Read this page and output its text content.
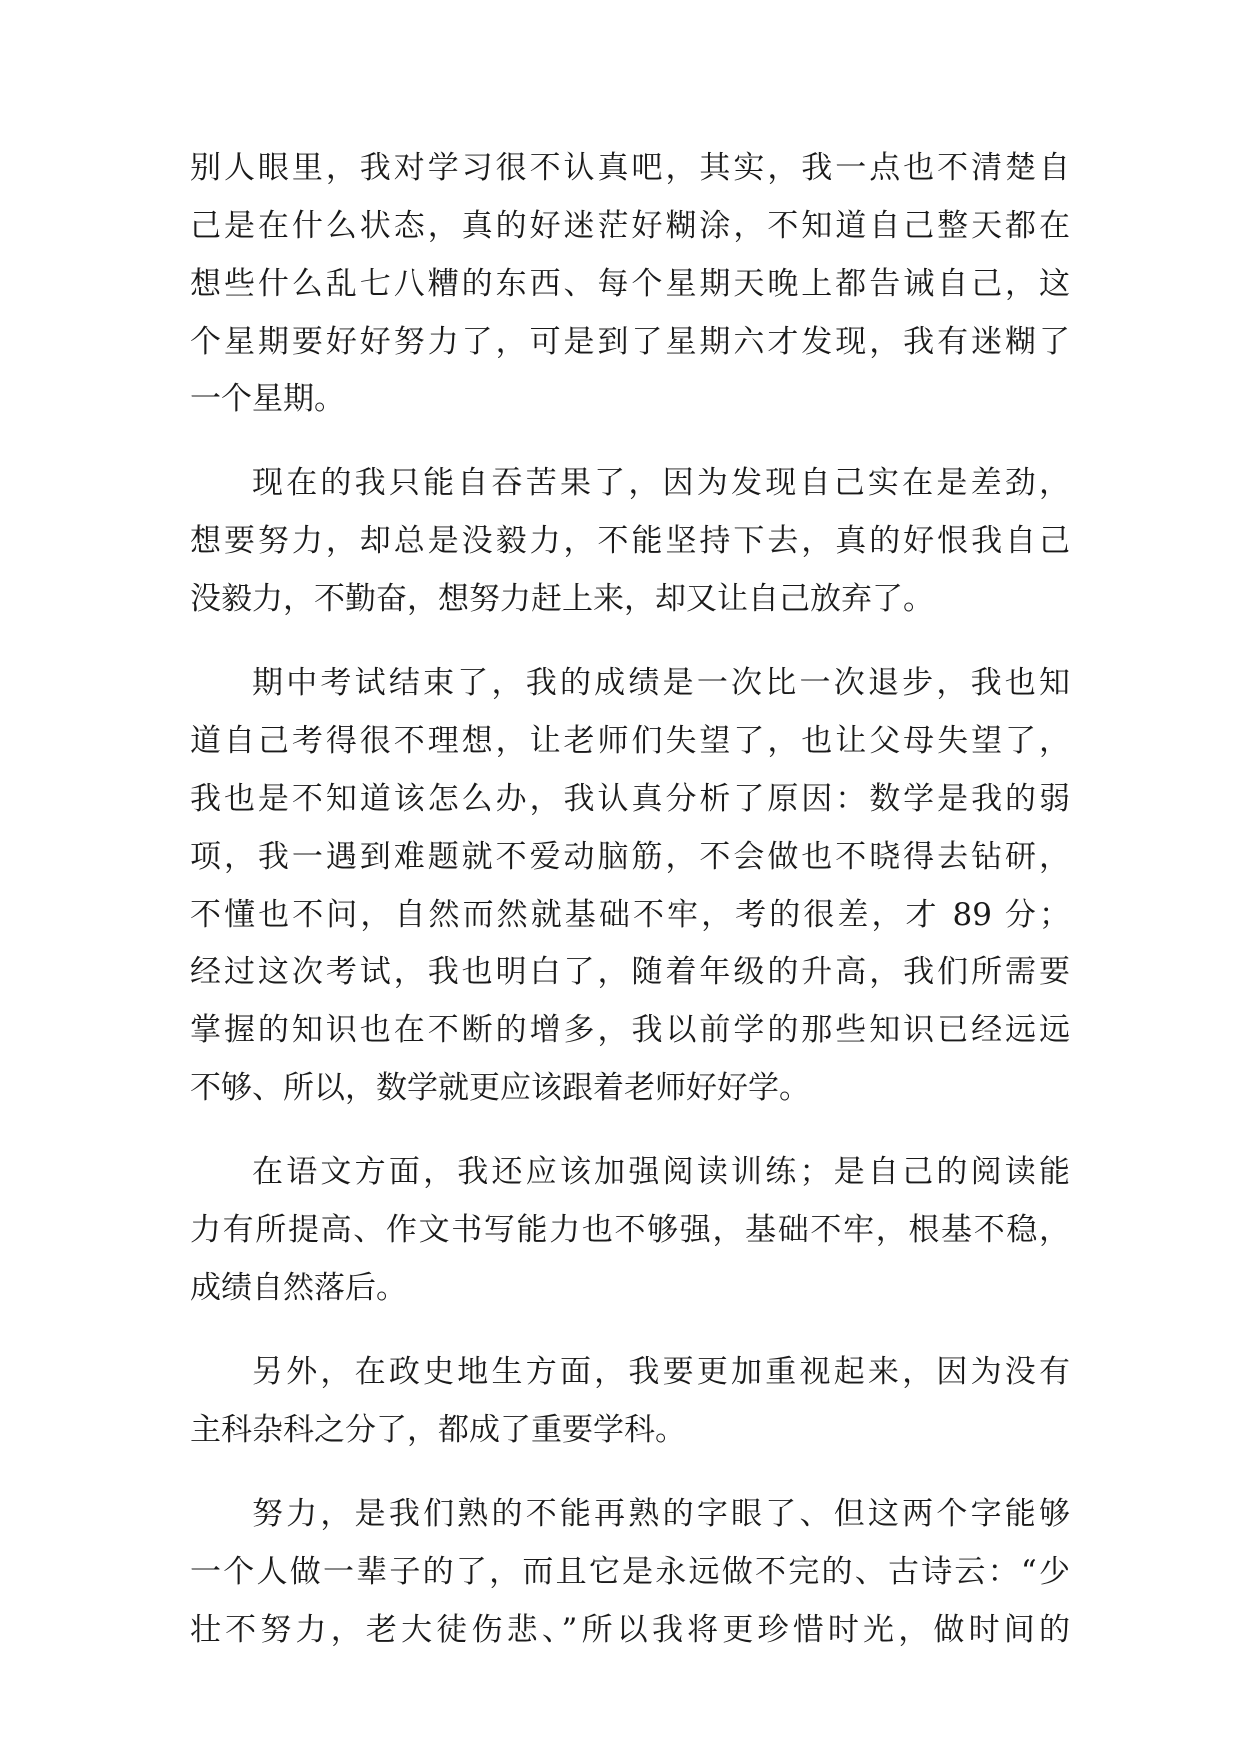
别人眼里，我对学习很不认真吧，其实，我一点也不清楚自
己是在什么状态，真的好迷茫好糊涂，不知道自己整天都在
想些什么乱七八糟的东西、每个星期天晚上都告诫自己，这
个星期要好好努力了，可是到了星期六才发现，我有迷糊了
一个星期。
现在的我只能自吞苦果了，因为发现自己实在是差劲，
想要努力，却总是没毅力，不能坚持下去，真的好恨我自己
没毅力，不勤奋，想努力赶上来，却又让自己放弃了。
期中考试结束了，我的成绩是一次比一次退步，我也知
道自己考得很不理想，让老师们失望了，也让父母失望了，
我也是不知道该怎么办，我认真分析了原因：数学是我的弱
项，我一遇到难题就不爱动脑筋，不会做也不晓得去钻研，
不懂也不问，自然而然就基础不牢，考的很差，才 89 分；
经过这次考试，我也明白了，随着年级的升高，我们所需要
掌握的知识也在不断的增多，我以前学的那些知识已经远远
不够、所以，数学就更应该跟着老师好好学。
在语文方面，我还应该加强阅读训练；是自己的阅读能
力有所提高、作文书写能力也不够强，基础不牢，根基不稳，
成绩自然落后。
另外，在政史地生方面，我要更加重视起来，因为没有
主科杂科之分了，都成了重要学科。
努力，是我们熟的不能再熟的字眼了、但这两个字能够
一个人做一辈子的了，而且它是永远做不完的、古诗云：“少
壮不努力，老大徒伤悲、”所以我将更珍惜时光，做时间的
